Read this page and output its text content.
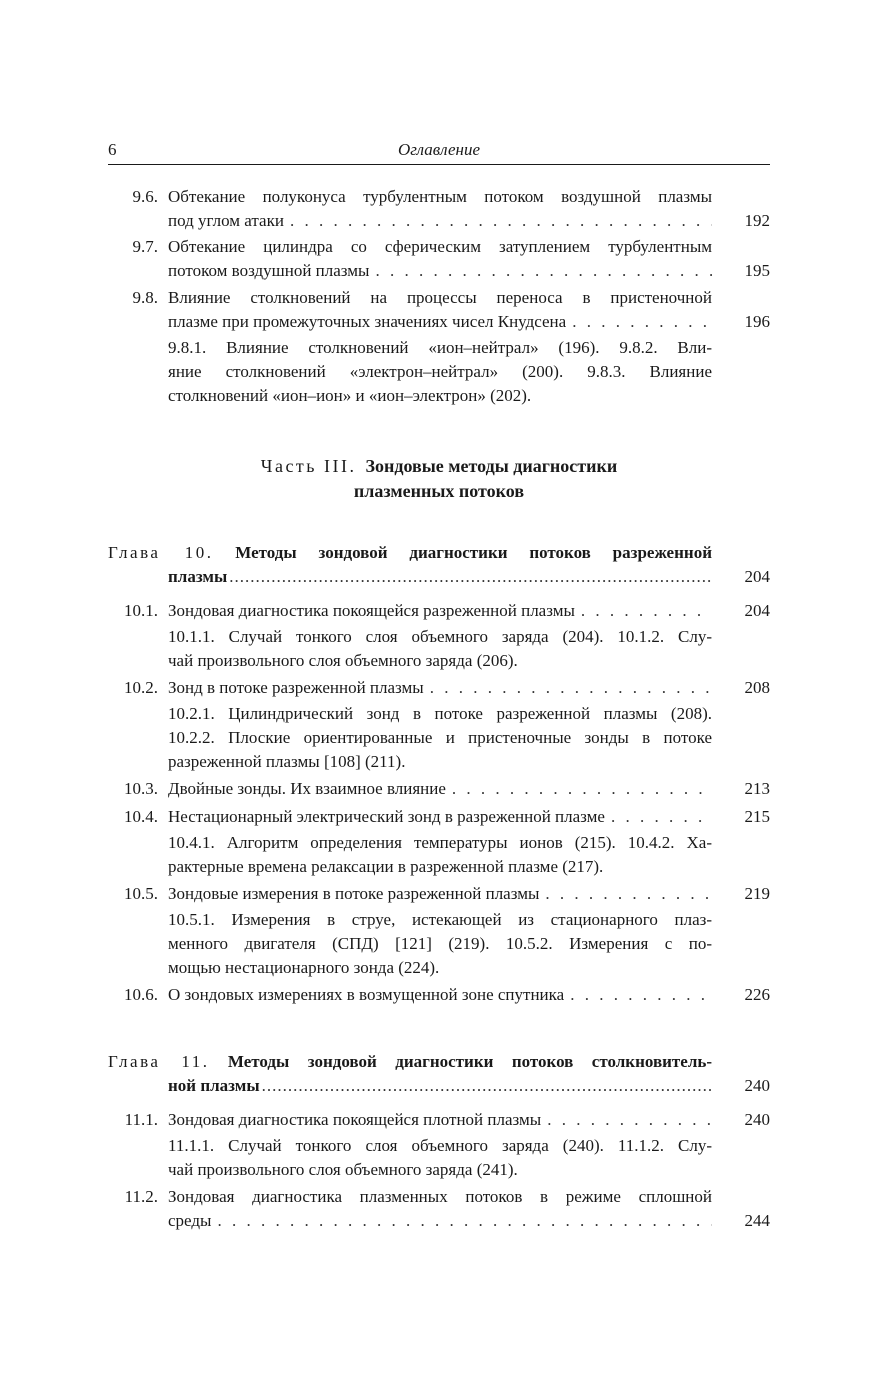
6	Оглавление
9.6. Обтекание полуконуса турбулентным потоком воздушной плазмы
под углом атаки . . .	192
9.7. Обтекание цилиндра со сферическим затуплением турбулентным
потоком воздушной плазмы . . .	195
9.8. Влияние столкновений на процессы переноса в пристеночной
плазме при промежуточных значениях чисел Кнудсена . . .	196
9.8.1. Влияние столкновений «ион–нейтрал» (196). 9.8.2. Вли-
яние столкновений «электрон–нейтрал» (200). 9.8.3. Влияние
столкновений «ион–ион» и «ион–электрон» (202).
Часть III. Зондовые методы диагностики
плазменных потоков
Глава 10. Методы зондовой диагностики потоков разреженной
плазмы .....	204
10.1. Зондовая диагностика покоящейся разреженной плазмы . . .	204
10.1.1. Случай тонкого слоя объемного заряда (204). 10.1.2. Слу-
чай произвольного слоя объемного заряда (206).
10.2. Зонд в потоке разреженной плазмы . . .	208
10.2.1. Цилиндрический зонд в потоке разреженной плазмы (208).
10.2.2. Плоские ориентированные и пристеночные зонды в потоке
разреженной плазмы [108] (211).
10.3. Двойные зонды. Их взаимное влияние . . .	213
10.4. Нестационарный электрический зонд в разреженной плазме . . .	215
10.4.1. Алгоритм определения температуры ионов (215). 10.4.2. Ха-
рактерные времена релаксации в разреженной плазме (217).
10.5. Зондовые измерения в потоке разреженной плазмы . . .	219
10.5.1. Измерения в струе, истекающей из стационарного плаз-
менного двигателя (СПД) [121] (219). 10.5.2. Измерения с по-
мощью нестационарного зонда (224).
10.6. О зондовых измерениях в возмущенной зоне спутника . . .	226
Глава 11. Методы зондовой диагностики потоков столкновитель-
ной плазмы .....	240
11.1. Зондовая диагностика покоящейся плотной плазмы . . .	240
11.1.1. Случай тонкого слоя объемного заряда (240). 11.1.2. Слу-
чай произвольного слоя объемного заряда (241).
11.2. Зондовая диагностика плазменных потоков в режиме сплошной
среды . . .	244
